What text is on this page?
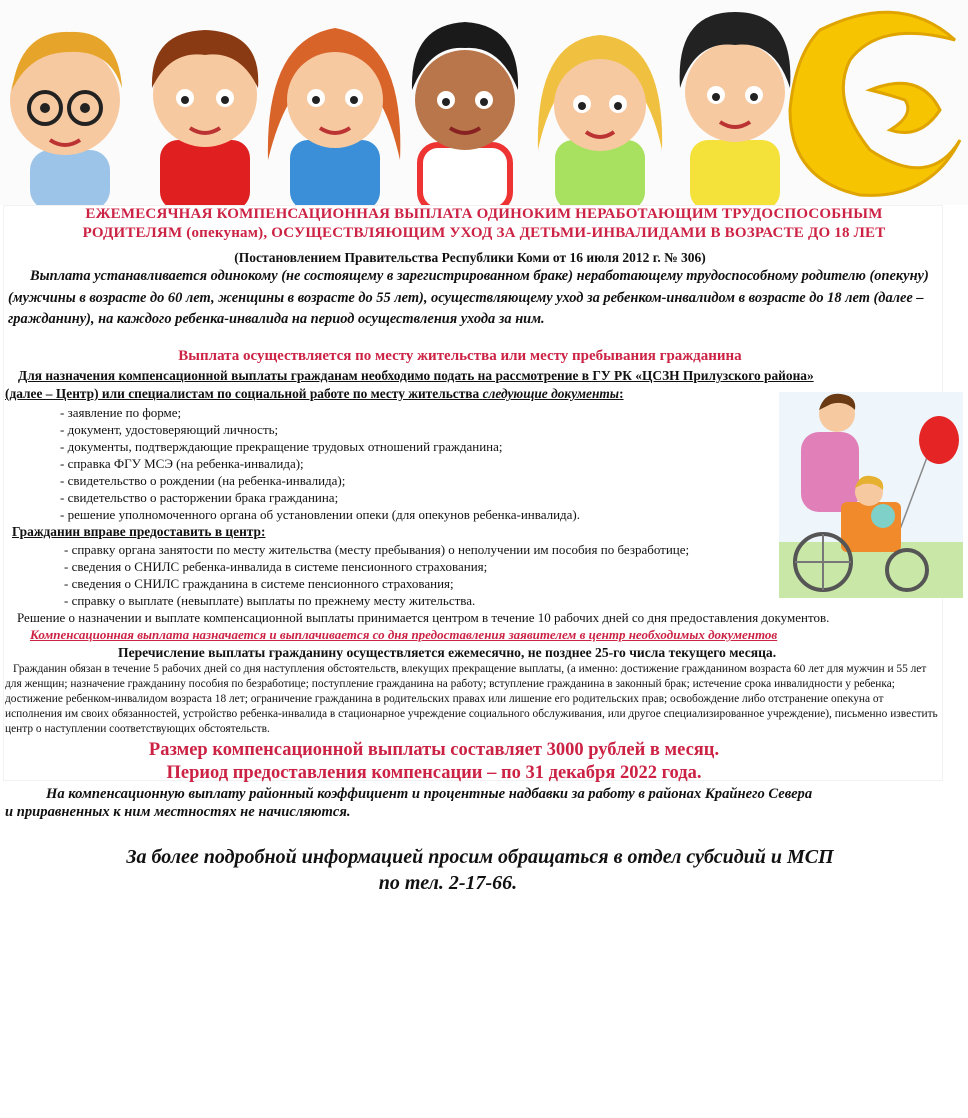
ЕЖЕМЕСЯЧНАЯ КОМПЕНСАЦИОННАЯ ВЫПЛАТА ОДИНОКИМ НЕРАБОТАЮЩИМ ТРУДОСПОСОБНЫМ
РОДИТЕЛЯМ (опекунам), ОСУЩЕСТВЛЯЮЩИМ УХОД ЗА ДЕТЬМИ-ИНВАЛИДАМИ В ВОЗРАСТЕ ДО 18 ЛЕТ
(Постановлением Правительства Республики Коми от 16 июля 2012 г. № 306)
Выплата устанавливается одинокому (не состоящему в зарегистрированном браке) неработающему трудоспособному родителю (опекуну) (мужчины в возрасте до 60 лет, женщины в возрасте до 55 лет), осуществляющему уход за ребенком-инвалидом в возрасте до 18 лет (далее – гражданину), на каждого ребенка-инвалида на период осуществления ухода за ним.
Выплата осуществляется по месту жительства или месту пребывания гражданина
Для назначения компенсационной выплаты гражданам необходимо подать на рассмотрение в ГУ РК «ЦСЗН Прилузского района»
(далее – Центр) или специалистам по социальной работе по месту жительства следующие документы:
- заявление по форме;
- документ, удостоверяющий личность;
- документы, подтверждающие прекращение трудовых отношений гражданина;
- справка ФГУ МСЭ (на ребенка-инвалида);
- свидетельство о рождении (на ребенка-инвалида);
- свидетельство о расторжении брака гражданина;
- решение уполномоченного органа об установлении опеки (для опекунов ребенка-инвалида).
Гражданин вправе предоставить в центр:
- справку органа занятости по месту жительства (месту пребывания) о неполучении им пособия по безработице;
- сведения о СНИЛС ребенка-инвалида в системе пенсионного страхования;
- сведения о СНИЛС гражданина в системе пенсионного страхования;
- справку о выплате (невыплате) выплаты по прежнему месту жительства.
Решение о назначении и выплате компенсационной выплаты принимается центром в течение 10 рабочих дней со дня предоставления документов.
Компенсационная выплата назначается и выплачивается со дня предоставления заявителем в центр необходимых документов
Перечисление выплаты гражданину осуществляется ежемесячно, не позднее 25-го числа текущего месяца.
Гражданин обязан в течение 5 рабочих дней со дня наступления обстоятельств, влекущих прекращение выплаты, (а именно: достижение гражданином возраста 60 лет для мужчин и 55 лет для женщин; назначение гражданину пособия по безработице; поступление гражданина на работу; вступление гражданина в законный брак; истечение срока инвалидности у ребенка; достижение ребенком-инвалидом возраста 18 лет; ограничение гражданина в родительских правах или лишение его родительских прав; освобождение либо отстранение опекуна от исполнения им своих обязанностей, устройство ребенка-инвалида в стационарное учреждение социального обслуживания, или другое специализированное учреждение), письменно известить центр о наступлении соответствующих обстоятельств.
Размер компенсационной выплаты составляет 3000 рублей в месяц.
Период предоставления компенсации – по 31 декабря 2022 года.
На компенсационную выплату районный коэффициент и процентные надбавки за работу в районах Крайнего Севера
и приравненных к ним местностях не начисляются.
За более подробной информацией просим обращаться в отдел субсидий и МСП
по тел. 2-17-66.
